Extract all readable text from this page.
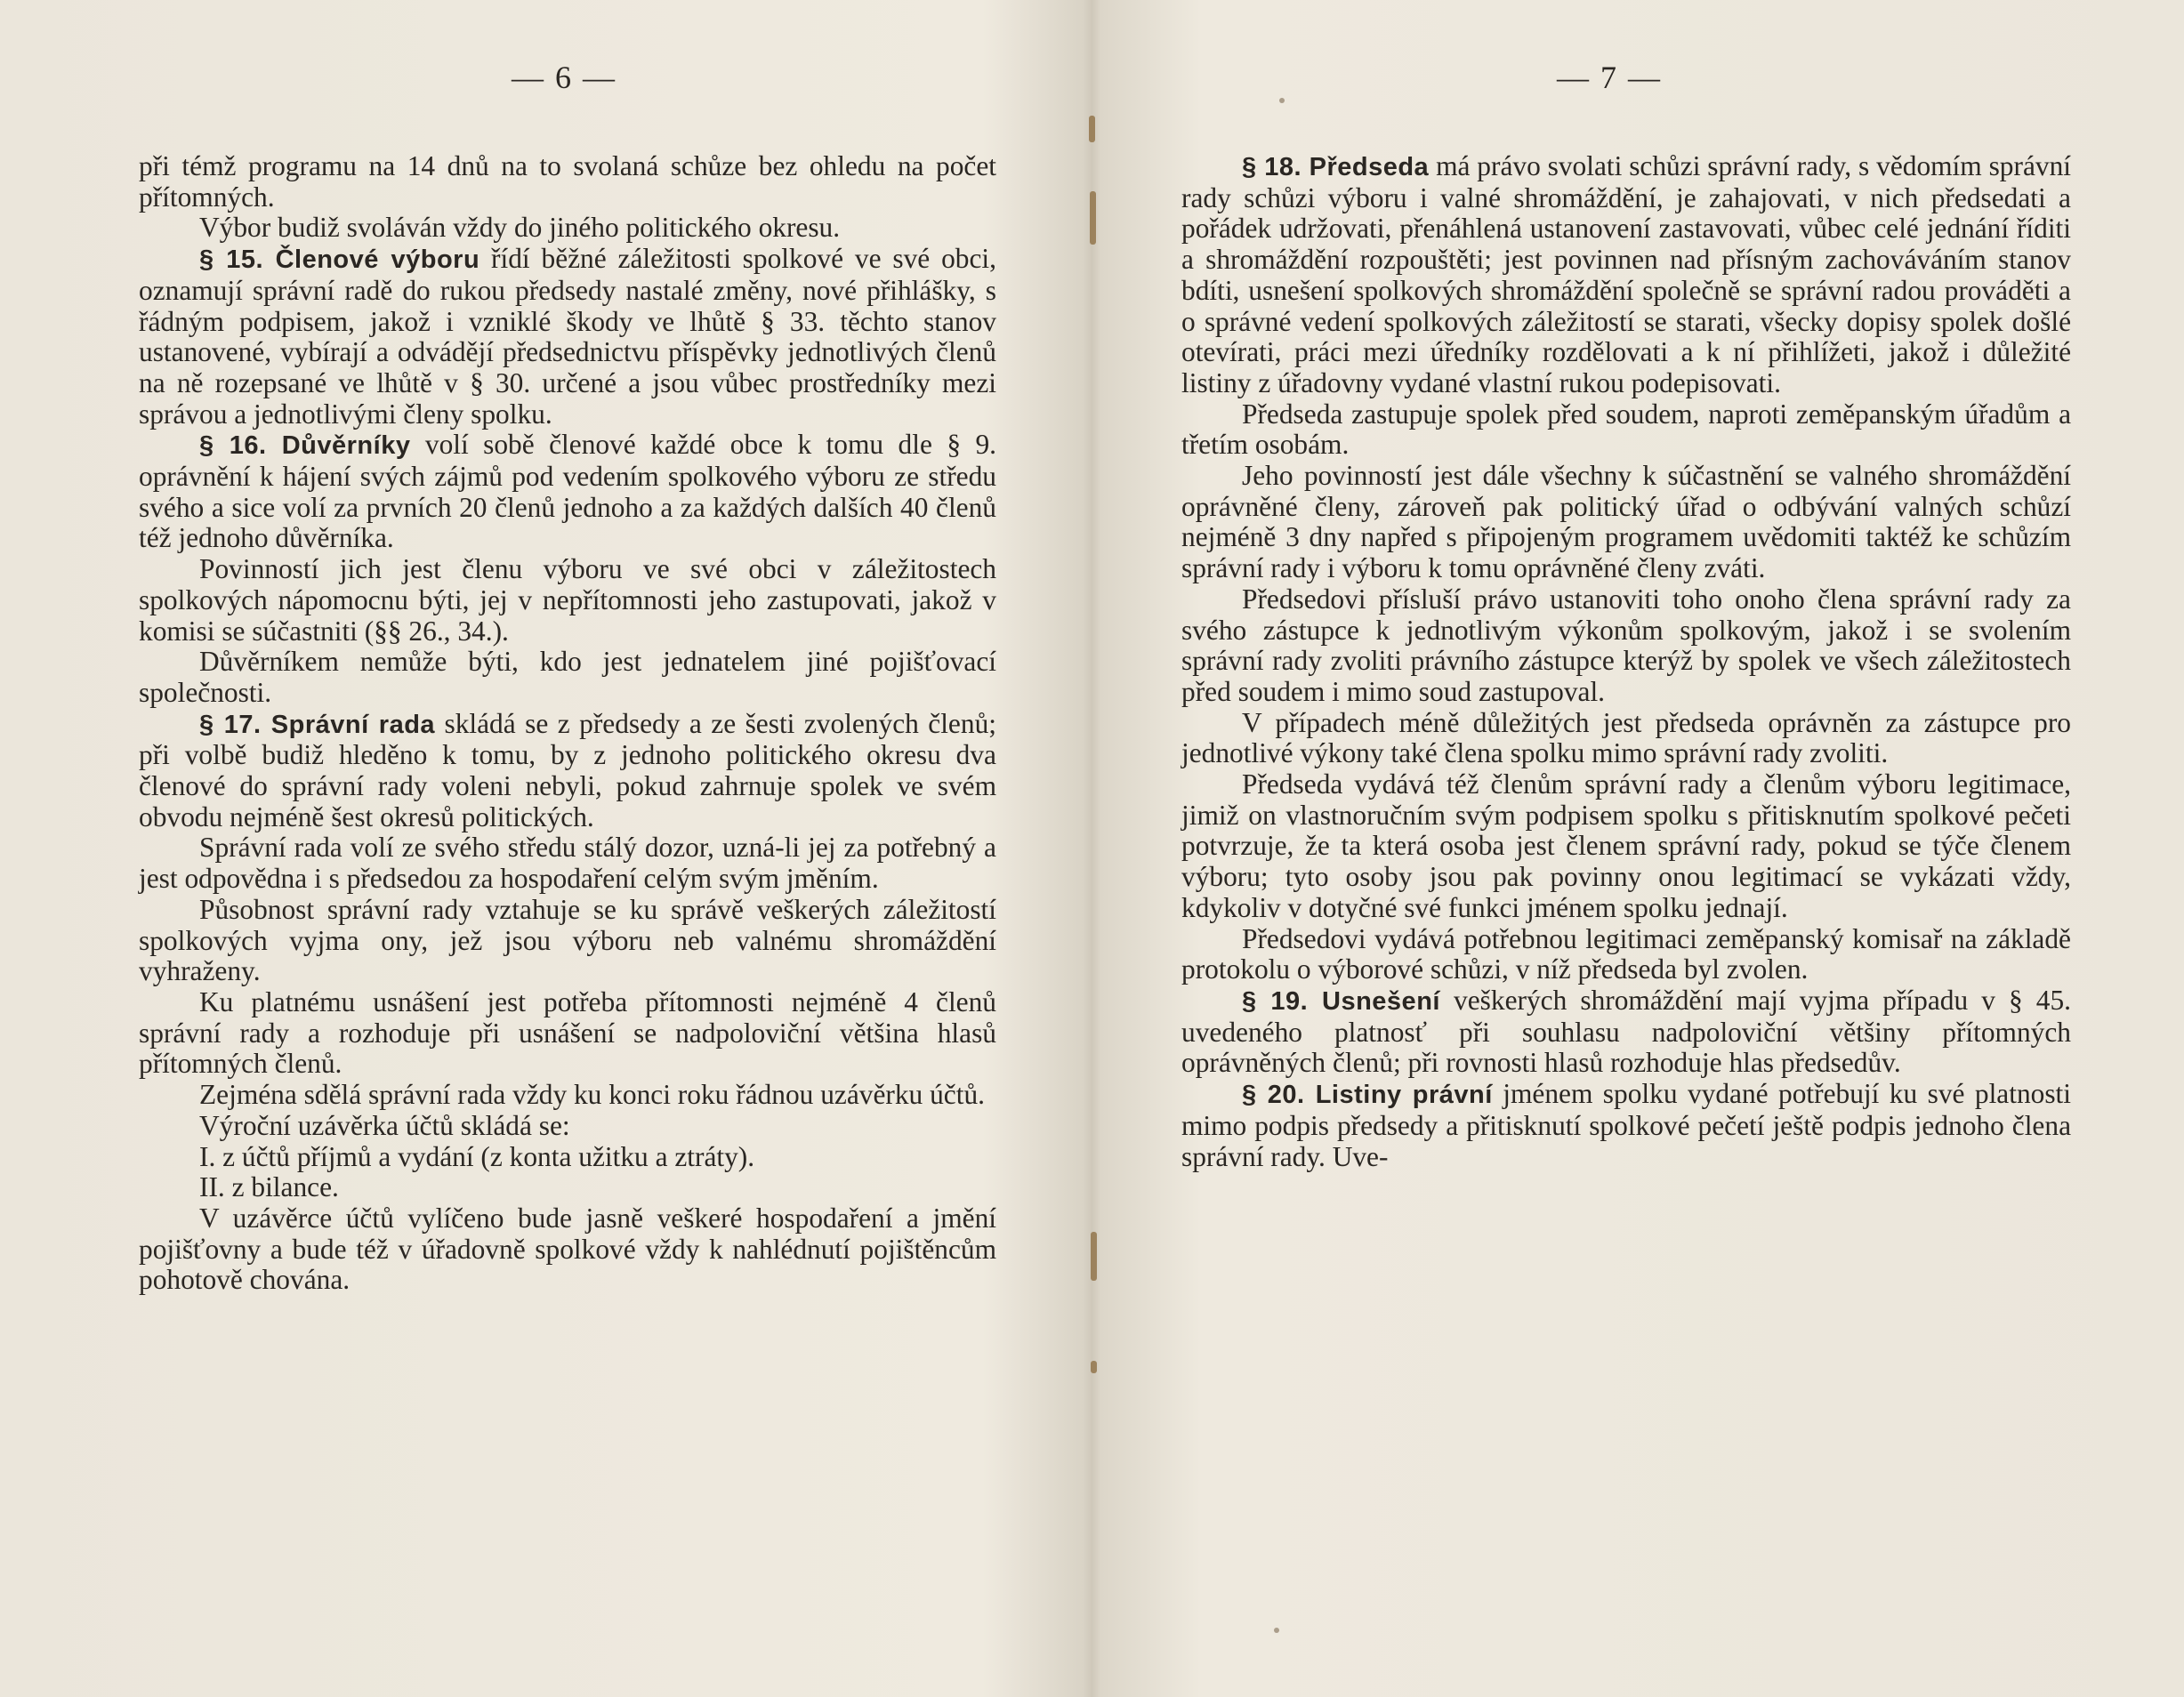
— 6 —

při témž programu na 14 dnů na to svolaná schůze bez ohledu na počet přítomných.

Výbor budiž svoláván vždy do jiného politického okresu.

§ 15. Členové výboru řídí běžné záležitosti spolkové ve své obci, oznamují správní radě do rukou předsedy nastalé změny, nové přihlášky, s řádným podpisem, jakož i vzniklé škody ve lhůtě § 33. těchto stanov ustanovené, vybírají a odvádějí předsednictvu příspěvky jednotlivých členů na ně rozepsané ve lhůtě v § 30. určené a jsou vůbec prostředníky mezi správou a jednotlivými členy spolku.

§ 16. Důvěrníky volí sobě členové každé obce k tomu dle § 9. oprávnění k hájení svých zájmů pod vedením spolkového výboru ze středu svého a sice volí za prvních 20 členů jednoho a za každých dalších 40 členů též jednoho důvěrníka.

Povinností jich jest členu výboru ve své obci v záležitostech spolkových nápomocnu býti, jej v nepřítomnosti jeho zastupovati, jakož v komisi se súčastniti (§§ 26., 34.).

Důvěrníkem nemůže býti, kdo jest jednatelem jiné pojišťovací společnosti.

§ 17. Správní rada skládá se z předsedy a ze šesti zvolených členů; při volbě budiž hleděno k tomu, by z jednoho politického okresu dva členové do správní rady voleni nebyli, pokud zahrnuje spolek ve svém obvodu nejméně šest okresů politických.

Správní rada volí ze svého středu stálý dozor, uzná-li jej za potřebný a jest odpovědna i s předsedou za hospodaření celým svým jměním.

Působnost správní rady vztahuje se ku správě veškerých záležitostí spolkových vyjma ony, jež jsou výboru neb valnému shromáždění vyhraženy.

Ku platnému usnášení jest potřeba přítomnosti nejméně 4 členů správní rady a rozhoduje při usnášení se nadpoloviční většina hlasů přítomných členů.

Zejména sdělá správní rada vždy ku konci roku řádnou uzávěrku účtů.

Výroční uzávěrka účtů skládá se:

I. z účtů příjmů a vydání (z konta užitku a ztráty).

II. z bilance.

V uzávěrce účtů vylíčeno bude jasně veškeré hospodaření a jmění pojišťovny a bude též v úřadovně spolkové vždy k nahlédnutí pojištěncům pohotově chována.

— 7 —

§ 18. Předseda má právo svolati schůzi správní rady, s vědomím správní rady schůzi výboru i valné shromáždění, je zahajovati, v nich předsedati a pořádek udržovati, přenáhlená ustanovení zastavovati, vůbec celé jednání říditi a shromáždění rozpouštěti; jest povinnen nad přísným zachováváním stanov bdíti, usnešení spolkových shromáždění společně se správní radou prováděti a o správné vedení spolkových záležitostí se starati, všecky dopisy spolek došlé otevírati, práci mezi úředníky rozdělovati a k ní přihlížeti, jakož i důležité listiny z úřadovny vydané vlastní rukou podepisovati.

Předseda zastupuje spolek před soudem, naproti zeměpanským úřadům a třetím osobám.

Jeho povinností jest dále všechny k súčastnění se valného shromáždění oprávněné členy, zároveň pak politický úřad o odbývání valných schůzí nejméně 3 dny napřed s připojeným programem uvědomiti taktéž ke schůzím správní rady i výboru k tomu oprávněné členy zváti.

Předsedovi přísluší právo ustanoviti toho onoho člena správní rady za svého zástupce k jednotlivým výkonům spolkovým, jakož i se svolením správní rady zvoliti právního zástupce kterýž by spolek ve všech záležitostech před soudem i mimo soud zastupoval.

V případech méně důležitých jest předseda oprávněn za zástupce pro jednotlivé výkony také člena spolku mimo správní rady zvoliti.

Předseda vydává též členům správní rady a členům výboru legitimace, jimiž on vlastnoručním svým podpisem spolku s přitisknutím spolkové pečeti potvrzuje, že ta která osoba jest členem správní rady, pokud se týče členem výboru; tyto osoby jsou pak povinny onou legitimací se vykázati vždy, kdykoliv v dotyčné své funkci jménem spolku jednají.

Předsedovi vydává potřebnou legitimaci zeměpanský komisař na základě protokolu o výborové schůzi, v níž předseda byl zvolen.

§ 19. Usnešení veškerých shromáždění mají vyjma případu v § 45. uvedeného platnosť při souhlasu nadpoloviční většiny přítomných oprávněných členů; při rovnosti hlasů rozhoduje hlas předsedův.

§ 20. Listiny právní jménem spolku vydané potřebují ku své platnosti mimo podpis předsedy a přitisknutí spolkové pečetí ještě podpis jednoho člena správní rady. Uve-
